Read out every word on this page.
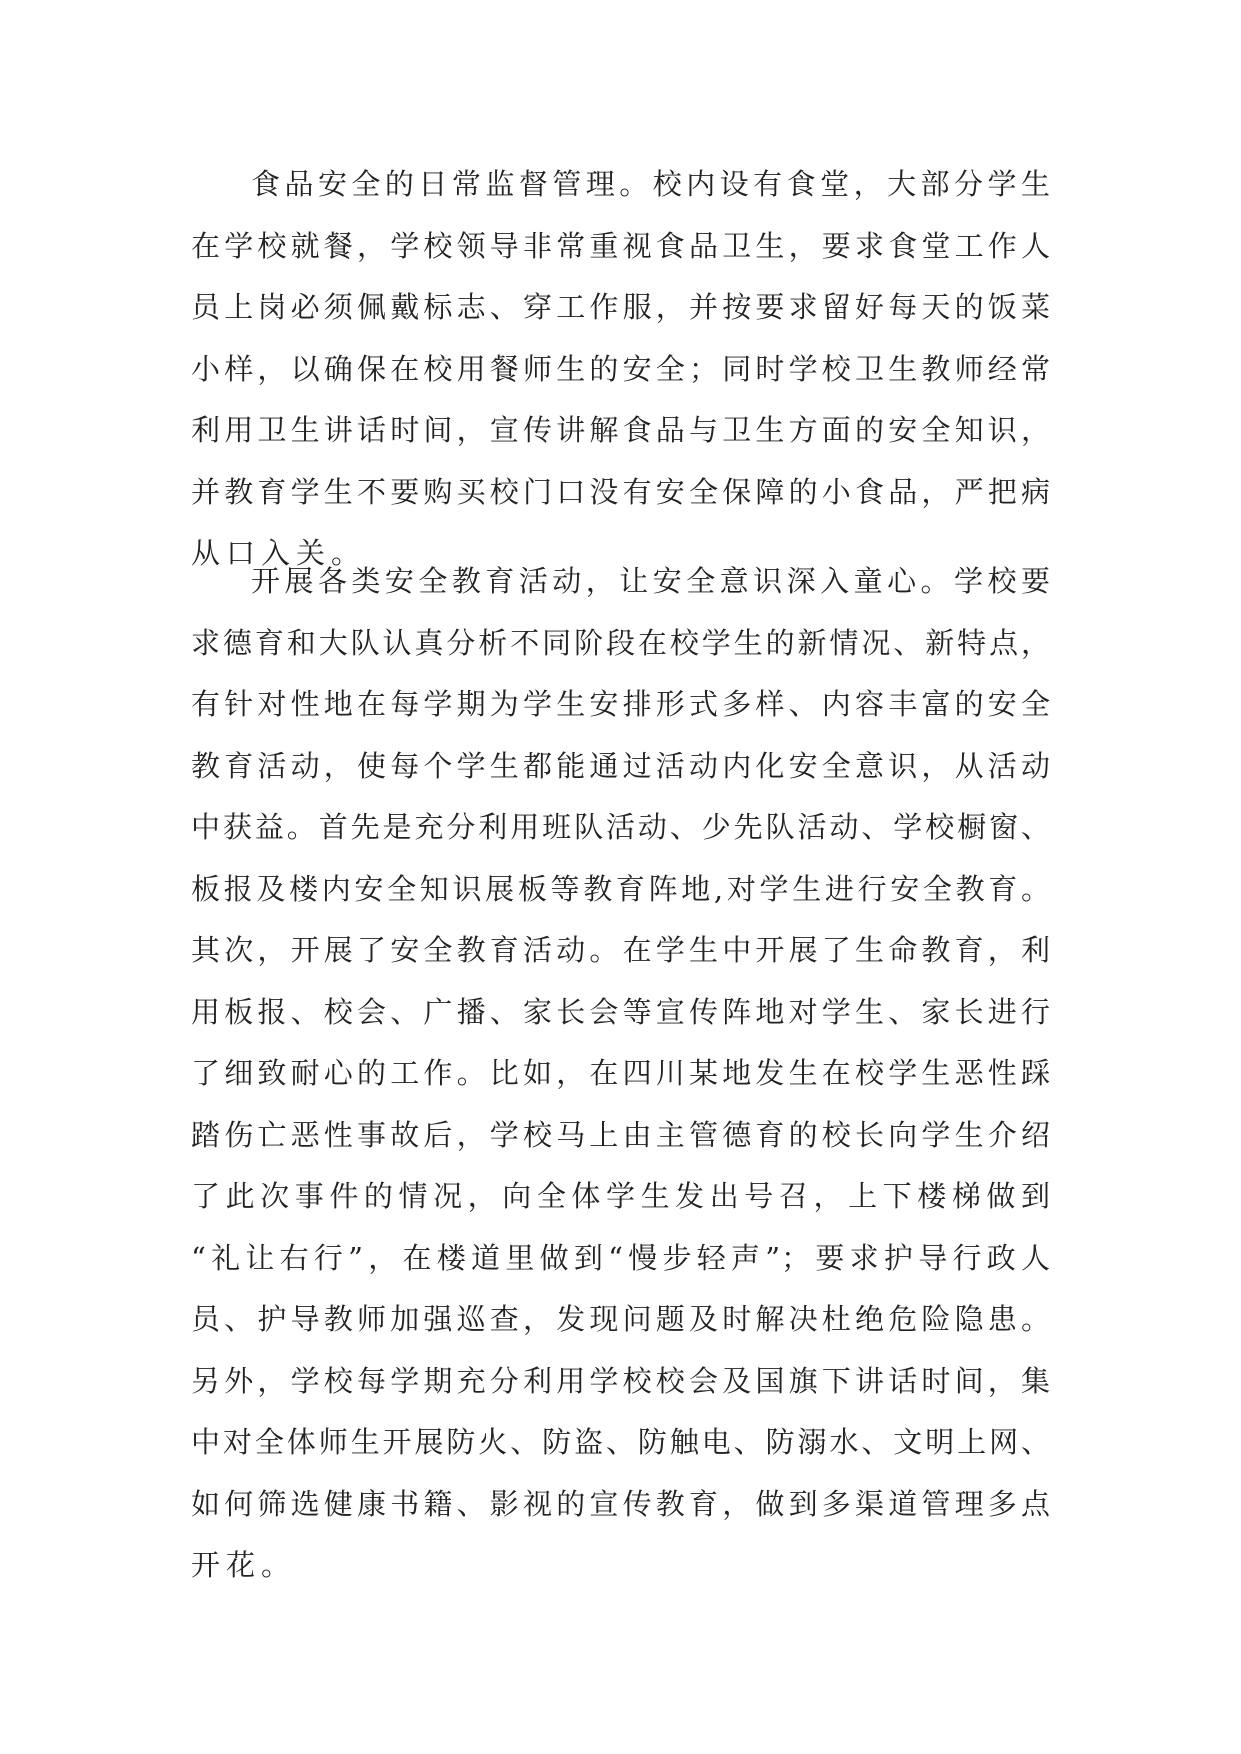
食品安全的日常监督管理。校内设有食堂，大部分学生
在学校就餐，学校领导非常重视食品卫生，要求食堂工作人
员上岗必须佩戴标志、穿工作服，并按要求留好每天的饭菜
小样，以确保在校用餐师生的安全；同时学校卫生教师经常
利用卫生讲话时间，宣传讲解食品与卫生方面的安全知识，
并教育学生不要购买校门口没有安全保障的小食品，严把病
从口入关。
开展各类安全教育活动，让安全意识深入童心。学校要
求德育和大队认真分析不同阶段在校学生的新情况、新特点，
有针对性地在每学期为学生安排形式多样、内容丰富的安全
教育活动，使每个学生都能通过活动内化安全意识，从活动
中获益。首先是充分利用班队活动、少先队活动、学校橱窗、
板报及楼内安全知识展板等教育阵地,对学生进行安全教育。
其次，开展了安全教育活动。在学生中开展了生命教育，利
用板报、校会、广播、家长会等宣传阵地对学生、家长进行
了细致耐心的工作。比如，在四川某地发生在校学生恶性踩
踏伤亡恶性事故后，学校马上由主管德育的校长向学生介绍
了此次事件的情况，向全体学生发出号召，上下楼梯做到
“礼让右行”，在楼道里做到“慢步轻声”；要求护导行政人
员、护导教师加强巡查，发现问题及时解决杜绝危险隐患。
另外，学校每学期充分利用学校校会及国旗下讲话时间，集
中对全体师生开展防火、防盗、防触电、防溺水、文明上网、
如何筛选健康书籍、影视的宣传教育，做到多渠道管理多点
开花。
